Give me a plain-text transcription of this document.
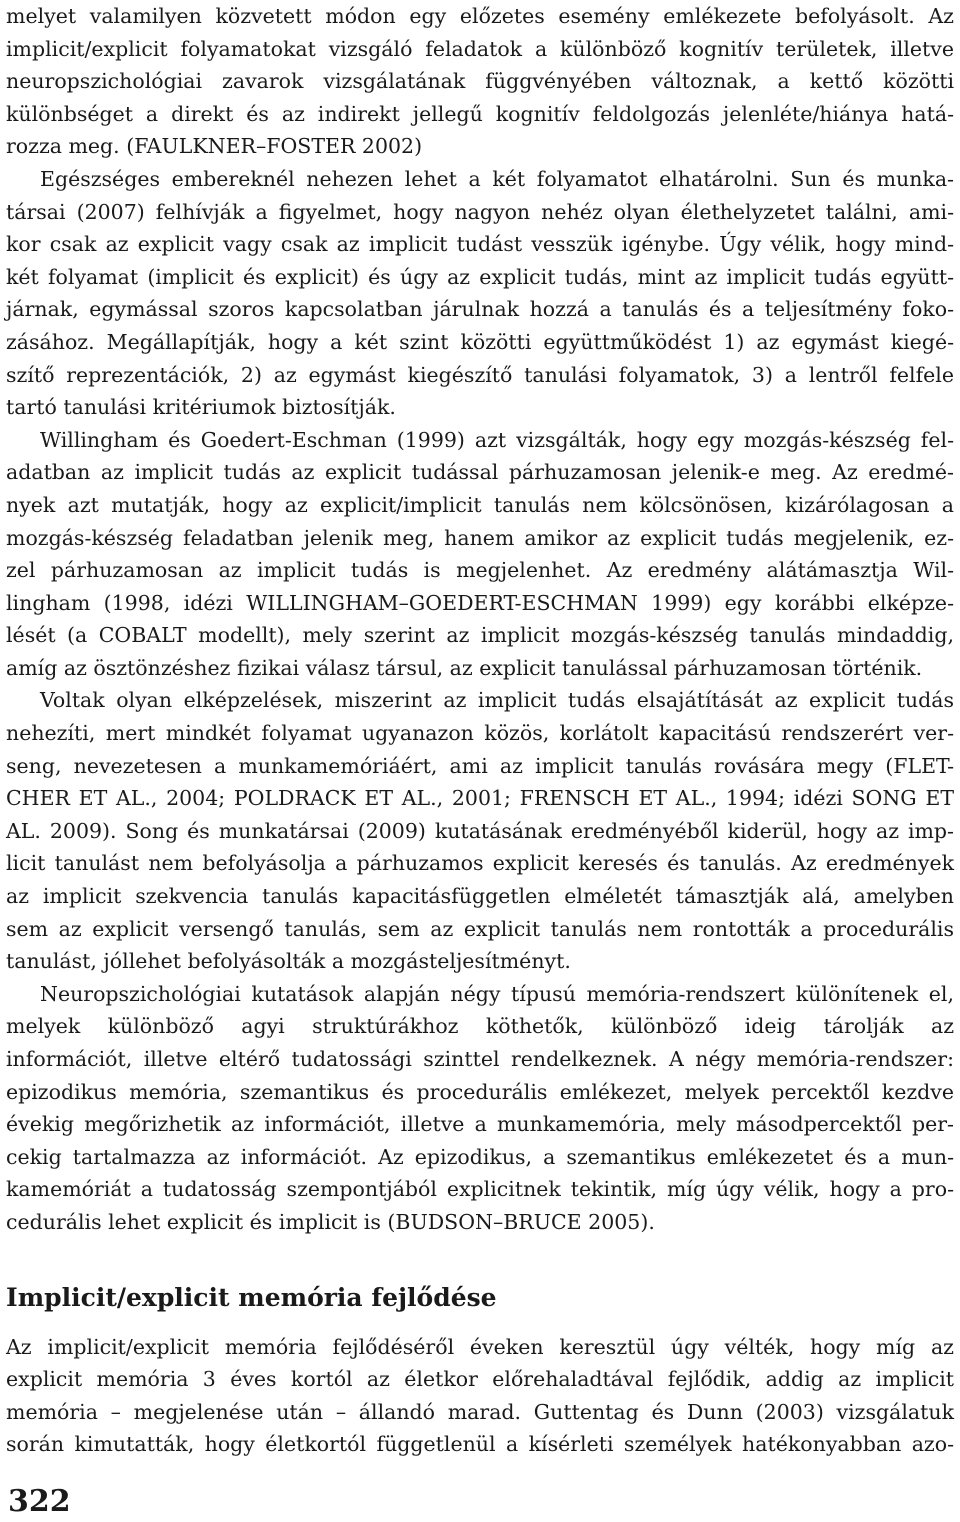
melyet valamilyen közvetett módon egy előzetes esemény emlékezete befolyásolt. Az
implicit/explicit folyamatokat vizsgáló feladatok a különböző kognitív területek, illetve
neuropszichológiai zavarok vizsgálatának függvényében változnak, a kettő közötti
különbséget a direkt és az indirekt jellegű kognitív feldolgozás jelenléte/hiánya hatá-
rozza meg. (FAULKNER–FOSTER 2002)
Egészséges embereknél nehezen lehet a két folyamatot elhatárolni. Sun és munka-
társai (2007) felhívják a figyelmet, hogy nagyon nehéz olyan élethelyzetet találni, ami-
kor csak az explicit vagy csak az implicit tudást vesszük igénybe. Úgy vélik, hogy mind-
két folyamat (implicit és explicit) és úgy az explicit tudás, mint az implicit tudás együtt-
járnak, egymással szoros kapcsolatban járulnak hozzá a tanulás és a teljesítmény foko-
zásához. Megállapítják, hogy a két szint közötti együttműködést 1) az egymást kiegé-
szítő reprezentációk, 2) az egymást kiegészítő tanulási folyamatok, 3) a lentről felfele
tartó tanulási kritériumok biztosítják.
Willingham és Goedert-Eschman (1999) azt vizsgálták, hogy egy mozgás-készség fel-
adatban az implicit tudás az explicit tudással párhuzamosan jelenik-e meg. Az eredmé-
nyek azt mutatják, hogy az explicit/implicit tanulás nem kölcsönösen, kizárólagosan a
mozgás-készség feladatban jelenik meg, hanem amikor az explicit tudás megjelenik, ez-
zel párhuzamosan az implicit tudás is megjelenhet. Az eredmény alátámasztja Wil-
lingham (1998, idézi WILLINGHAM–GOEDERT-ESCHMAN 1999) egy korábbi elképze-
lését (a COBALT modellt), mely szerint az implicit mozgás-készség tanulás mindaddig,
amíg az ösztönzéshez fizikai válasz társul, az explicit tanulással párhuzamosan történik.
Voltak olyan elképzelések, miszerint az implicit tudás elsajátítását az explicit tudás
nehezíti, mert mindkét folyamat ugyanazon közös, korlátolt kapacitású rendszerért ver-
seng, nevezetesen a munkamemóriáért, ami az implicit tanulás rovására megy (FLET-
CHER ET AL., 2004; POLDRACK ET AL., 2001; FRENSCH ET AL., 1994; idézi SONG ET
AL. 2009). Song és munkatársai (2009) kutatásának eredményéből kiderül, hogy az imp-
licit tanulást nem befolyásolja a párhuzamos explicit keresés és tanulás. Az eredmények
az implicit szekvencia tanulás kapacitásfüggetlen elméletét támasztják alá, amelyben
sem az explicit versengő tanulás, sem az explicit tanulás nem rontották a procedurális
tanulást, jóllehet befolyásolták a mozgásteljesítményt.
Neuropszichológiai kutatások alapján négy típusú memória-rendszert különítenek el,
melyek különböző agyi struktúrákhoz köthetők, különböző ideig tárolják az
információt, illetve eltérő tudatossági szinttel rendelkeznek. A négy memória-rendszer:
epizodikus memória, szemantikus és procedurális emlékezet, melyek percektől kezdve
évekig megőrizhetik az információt, illetve a munkamemória, mely másodpercektől per-
cekig tartalmazza az információt. Az epizodikus, a szemantikus emlékezetet és a mun-
kamemóriát a tudatosság szempontjából explicitnek tekintik, míg úgy vélik, hogy a pro-
cedurális lehet explicit és implicit is (BUDSON–BRUCE 2005).
Implicit/explicit memória fejlődése
Az implicit/explicit memória fejlődéséről éveken keresztül úgy vélték, hogy míg az
explicit memória 3 éves kortól az életkor előrehaladtával fejlődik, addig az implicit
memória – megjelenése után – állandó marad. Guttentag és Dunn (2003) vizsgálatuk
során kimutatták, hogy életkortól függetlenül a kísérleti személyek hatékonyabban azo-
322
